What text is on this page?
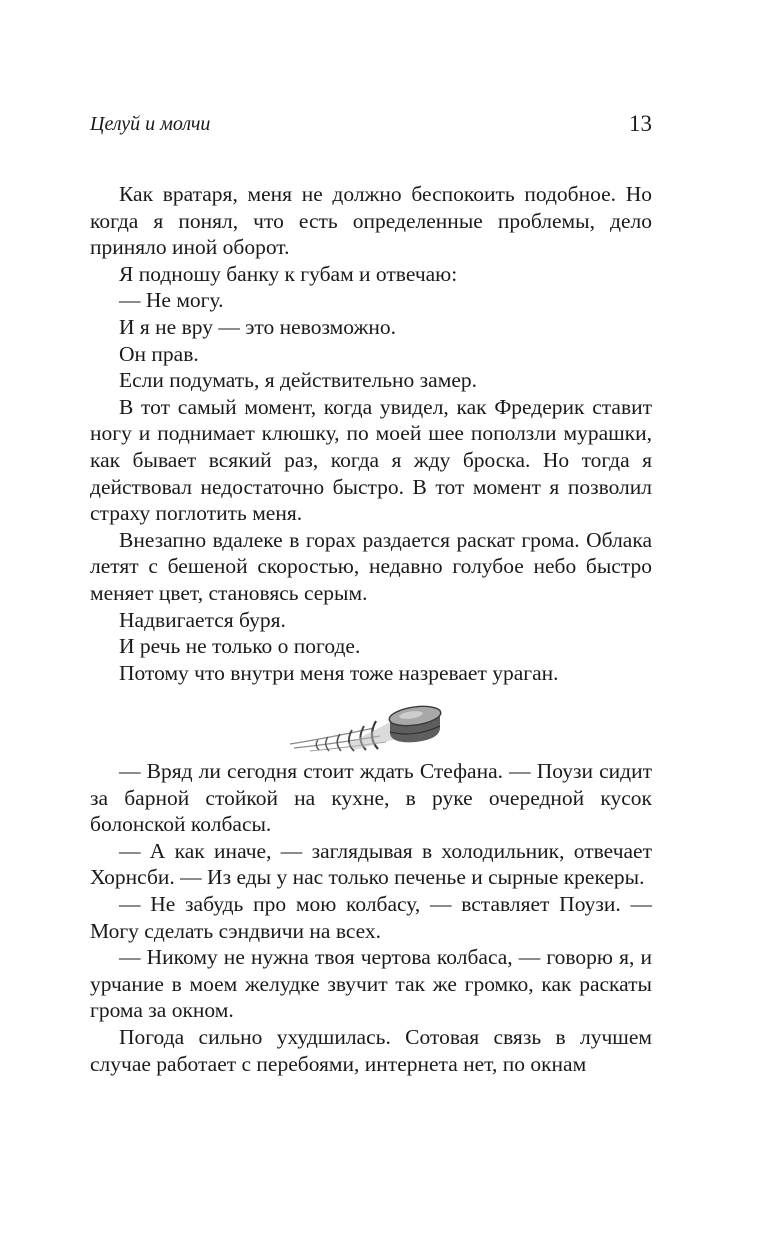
Целуй и молчи	13

Как вратаря, меня не должно беспокоить подобное. Но когда я понял, что есть определенные проблемы, дело приняло иной оборот.

Я подношу банку к губам и отвечаю:

— Не могу.

И я не вру — это невозможно.

Он прав.

Если подумать, я действительно замер.

В тот самый момент, когда увидел, как Фредерик ставит ногу и поднимает клюшку, по моей шее поползли мурашки, как бывает всякий раз, когда я жду броска. Но тогда я действовал недостаточно быстро. В тот момент я позволил страху поглотить меня.

Внезапно вдалеке в горах раздается раскат грома. Облака летят с бешеной скоростью, недавно голубое небо быстро меняет цвет, становясь серым.

Надвигается буря.

И речь не только о погоде.

Потому что внутри меня тоже назревает ураган.

— Вряд ли сегодня стоит ждать Стефана. — Поузи сидит за барной стойкой на кухне, в руке очередной кусок болонской колбасы.

— А как иначе, — заглядывая в холодильник, отвечает Хорнсби. — Из еды у нас только печенье и сырные крекеры.

— Не забудь про мою колбасу, — вставляет Поузи. — Могу сделать сэндвичи на всех.

— Никому не нужна твоя чертова колбаса, — говорю я, и урчание в моем желудке звучит так же громко, как раскаты грома за окном.

Погода сильно ухудшилась. Сотовая связь в лучшем случае работает с перебоями, интернета нет, по окнам
